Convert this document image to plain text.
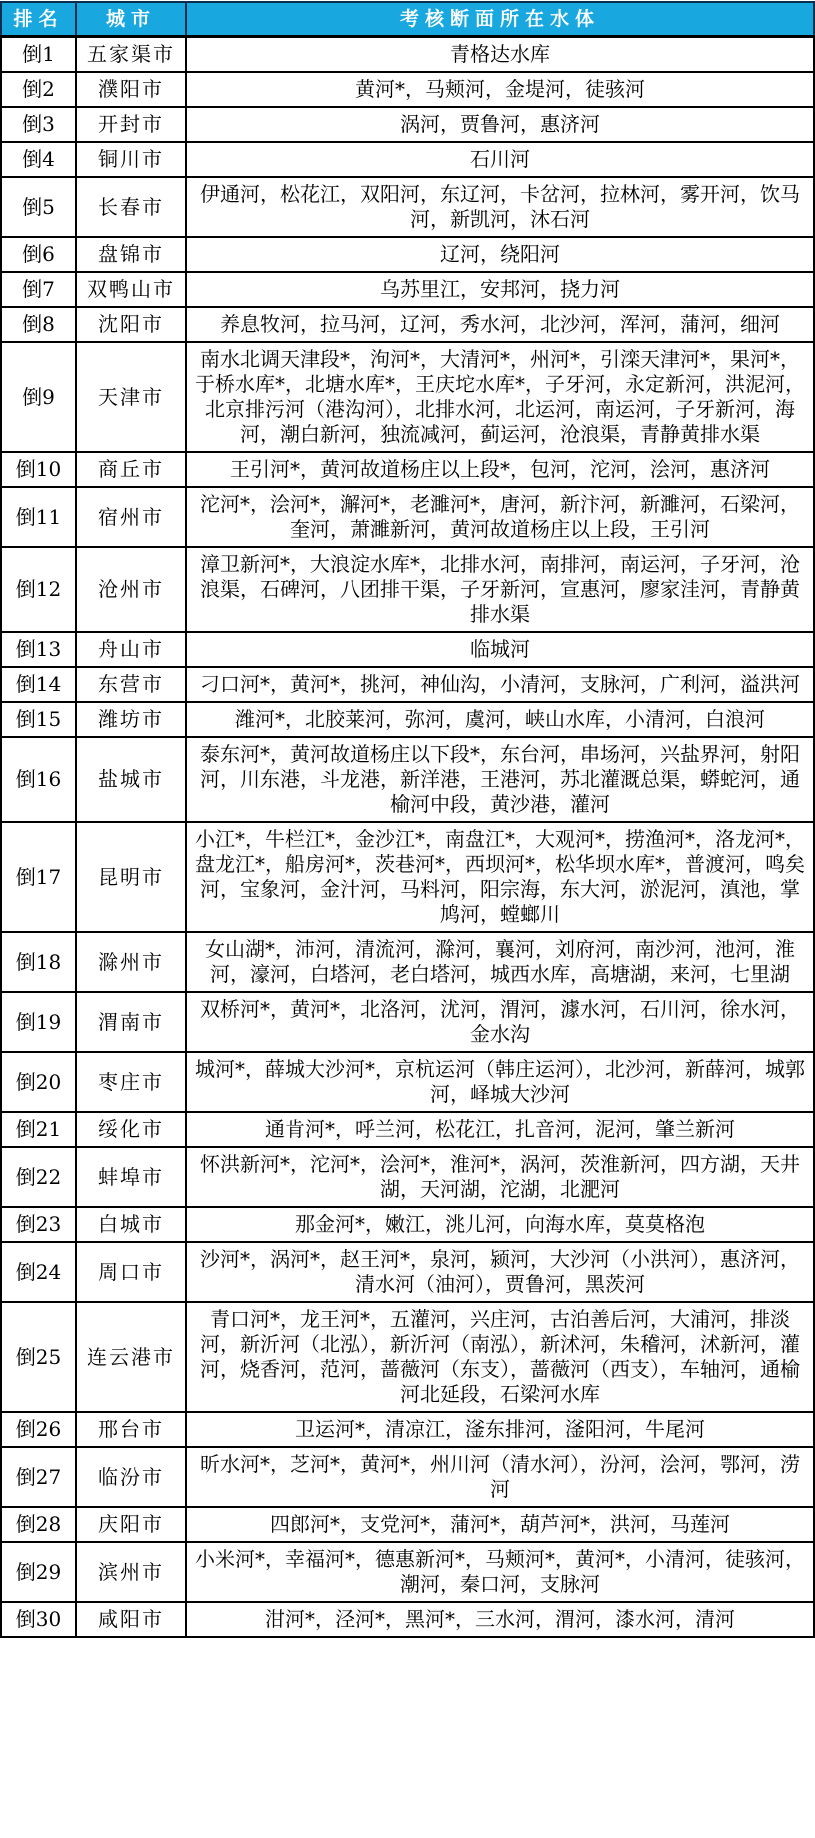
排名	城市	考核断面所在水体
倒1	五家渠市	青格达水库
倒2	濮阳市	黄河*，马颊河，金堤河，徒骇河
倒3	开封市	涡河，贾鲁河，惠济河
倒4	铜川市	石川河
倒5	长春市	伊通河，松花江，双阳河，东辽河，卡岔河，拉林河，雾开河，饮马河，新凯河，沐石河
倒6	盘锦市	辽河，绕阳河
倒7	双鸭山市	乌苏里江，安邦河，挠力河
倒8	沈阳市	养息牧河，拉马河，辽河，秀水河，北沙河，浑河，蒲河，细河
倒9	天津市	南水北调天津段*，泃河*，大清河*，州河*，引滦天津河*，果河*，于桥水库*，北塘水库*，王庆坨水库*，子牙河，永定新河，洪泥河，北京排污河（港沟河），北排水河，北运河，南运河，子牙新河，海河，潮白新河，独流减河，蓟运河，沧浪渠，青静黄排水渠
倒10	商丘市	王引河*，黄河故道杨庄以上段*，包河，沱河，浍河，惠济河
倒11	宿州市	沱河*，浍河*，澥河*，老濉河*，唐河，新汴河，新濉河，石梁河，奎河，萧濉新河，黄河故道杨庄以上段，王引河
倒12	沧州市	漳卫新河*，大浪淀水库*，北排水河，南排河，南运河，子牙河，沧浪渠，石碑河，八团排干渠，子牙新河，宣惠河，廖家洼河，青静黄排水渠
倒13	舟山市	临城河
倒14	东营市	刁口河*，黄河*，挑河，神仙沟，小清河，支脉河，广利河，溢洪河
倒15	潍坊市	潍河*，北胶莱河，弥河，虞河，峡山水库，小清河，白浪河
倒16	盐城市	泰东河*，黄河故道杨庄以下段*，东台河，串场河，兴盐界河，射阳河，川东港，斗龙港，新洋港，王港河，苏北灌溉总渠，蟒蛇河，通榆河中段，黄沙港，灌河
倒17	昆明市	小江*，牛栏江*，金沙江*，南盘江*，大观河*，捞渔河*，洛龙河*，盘龙江*，船房河*，茨巷河*，西坝河*，松华坝水库*，普渡河，鸣矣河，宝象河，金汁河，马料河，阳宗海，东大河，淤泥河，滇池，掌鸠河，螳螂川
倒18	滁州市	女山湖*，沛河，清流河，滁河，襄河，刘府河，南沙河，池河，淮河，濠河，白塔河，老白塔河，城西水库，高塘湖，来河，七里湖
倒19	渭南市	双桥河*，黄河*，北洛河，沋河，渭河，澽水河，石川河，徐水河，金水沟
倒20	枣庄市	城河*，薛城大沙河*，京杭运河（韩庄运河），北沙河，新薛河，城郭河，峄城大沙河
倒21	绥化市	通肯河*，呼兰河，松花江，扎音河，泥河，肇兰新河
倒22	蚌埠市	怀洪新河*，沱河*，浍河*，淮河*，涡河，茨淮新河，四方湖，天井湖，天河湖，沱湖，北淝河
倒23	白城市	那金河*，嫩江，洮儿河，向海水库，莫莫格泡
倒24	周口市	沙河*，涡河*，赵王河*，泉河，颍河，大沙河（小洪河），惠济河，清水河（油河），贾鲁河，黑茨河
倒25	连云港市	青口河*，龙王河*，五灌河，兴庄河，古泊善后河，大浦河，排淡河，新沂河（北泓），新沂河（南泓），新沭河，朱稽河，沭新河，灌河，烧香河，范河，蔷薇河（东支），蔷薇河（西支），车轴河，通榆河北延段，石梁河水库
倒26	邢台市	卫运河*，清凉江，滏东排河，滏阳河，牛尾河
倒27	临汾市	昕水河*，芝河*，黄河*，州川河（清水河），汾河，浍河，鄂河，涝河
倒28	庆阳市	四郎河*，支党河*，蒲河*，葫芦河*，洪河，马莲河
倒29	滨州市	小米河*，幸福河*，德惠新河*，马颊河*，黄河*，小清河，徒骇河，潮河，秦口河，支脉河
倒30	咸阳市	泔河*，泾河*，黑河*，三水河，渭河，漆水河，清河
